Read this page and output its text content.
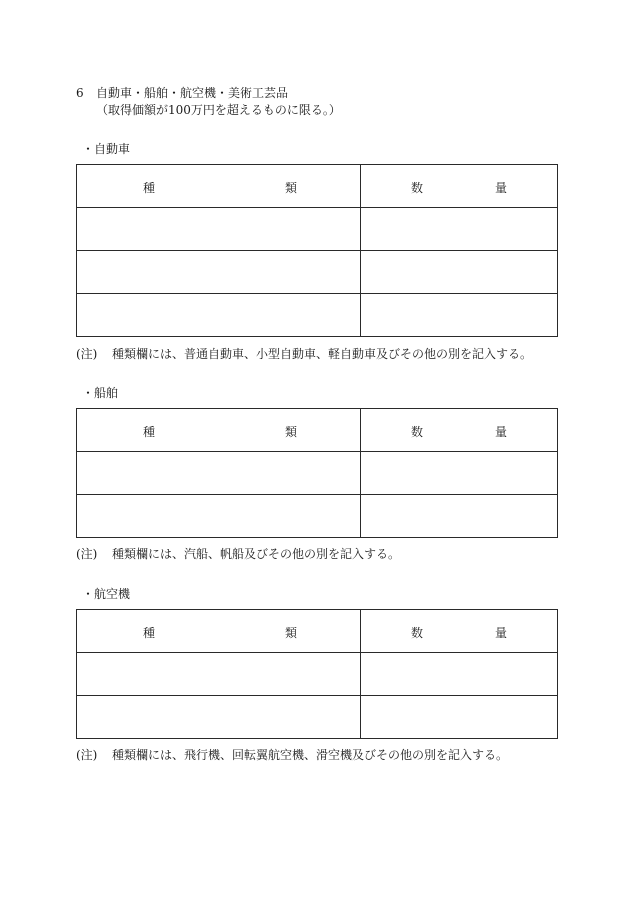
6 自動車・船舶・航空機・美術工芸品
（取得価額が100万円を超えるものに限る。）
・自動車
種 類	数 量

(注) 種類欄には、普通自動車、小型自動車、軽自動車及びその他の別を記入する。
・船舶
種 類	数 量

(注) 種類欄には、汽船、帆船及びその他の別を記入する。
・航空機
種 類	数 量

(注) 種類欄には、飛行機、回転翼航空機、滑空機及びその他の別を記入する。
